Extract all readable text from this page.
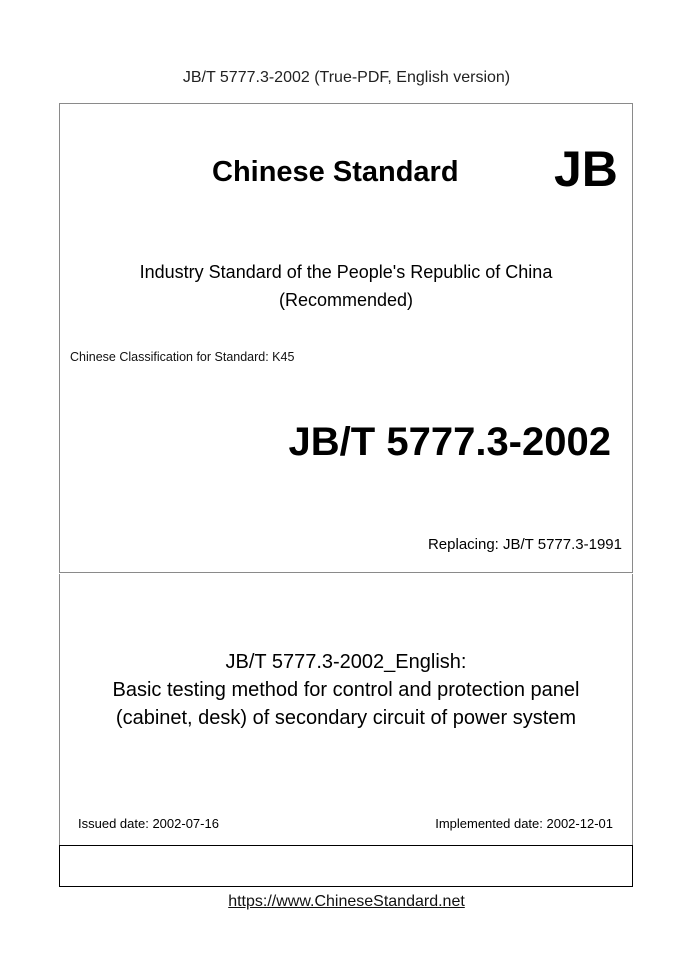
JB/T 5777.3-2002 (True-PDF, English version)
Chinese Standard JB
Industry Standard of the People's Republic of China
(Recommended)
Chinese Classification for Standard: K45
JB/T 5777.3-2002
Replacing: JB/T 5777.3-1991
JB/T 5777.3-2002_English:
Basic testing method for control and protection panel
(cabinet, desk) of secondary circuit of power system
Issued date: 2002-07-16	Implemented date: 2002-12-01
https://www.ChineseStandard.net
